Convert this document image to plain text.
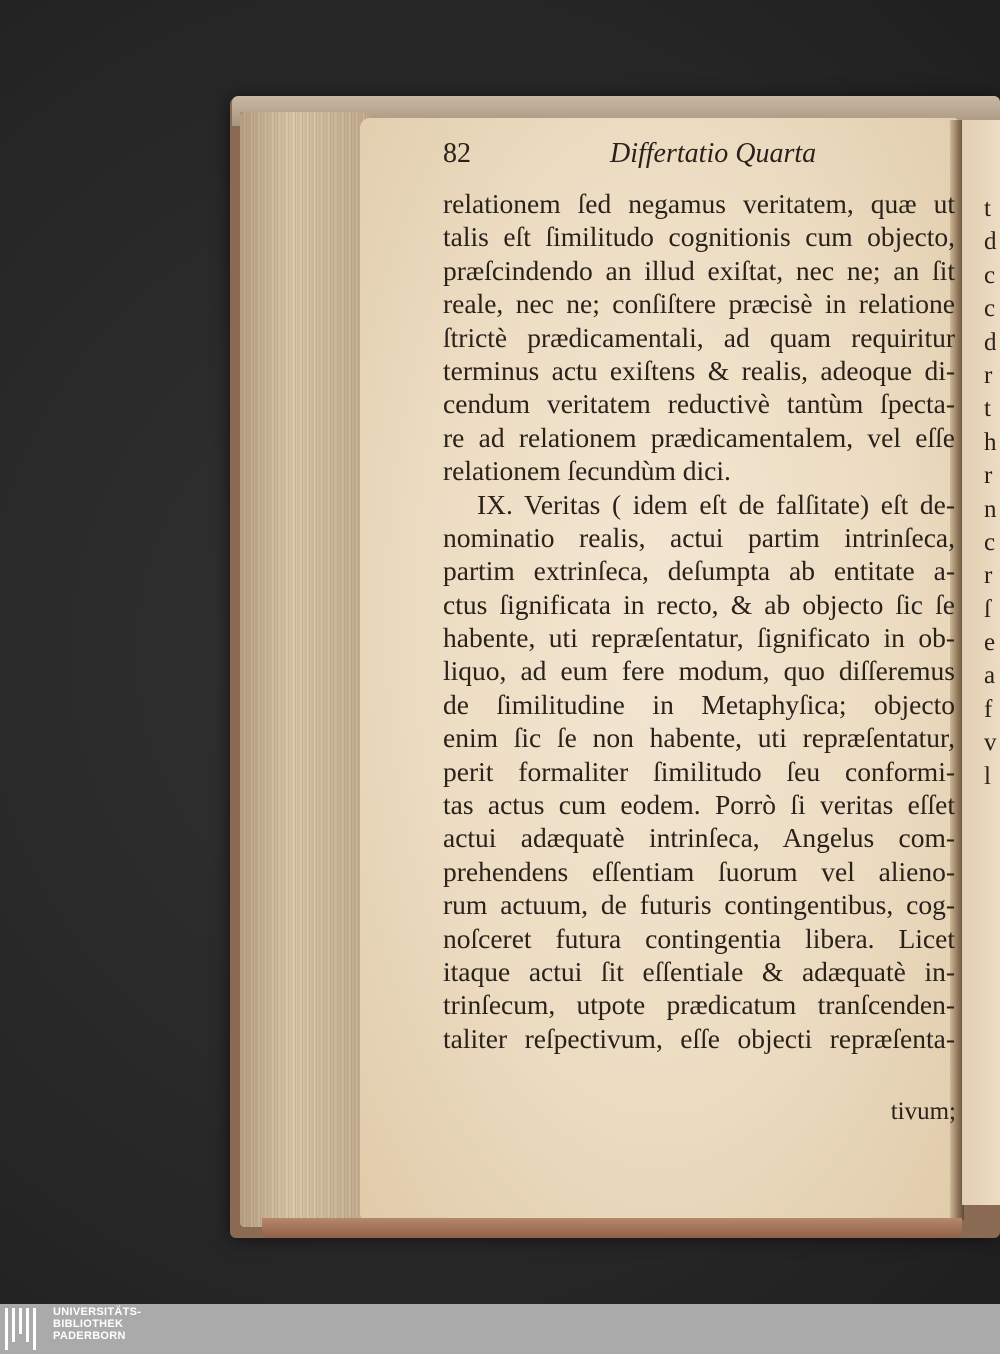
82	Differtatio Quarta
relationem ſed negamus veritatem, quæ ut
talis eſt ſimilitudo cognitionis cum objecto,
præſcindendo an illud exiſtat, nec ne; an ſit
reale, nec ne; conſiſtere præcisè in relatione
ſtrictè prædicamentali, ad quam requiritur
terminus actu exiſtens & realis, adeoque di-
cendum veritatem reductivè tantùm ſpecta-
re ad relationem prædicamentalem, vel eſſe
relationem ſecundùm dici.
IX. Veritas ( idem eſt de falſitate) eſt de-
nominatio realis, actui partim intrinſeca,
partim extrinſeca, deſumpta ab entitate a-
ctus ſignificata in recto, & ab objecto ſic ſe
habente, uti repræſentatur, ſignificato in ob-
liquo, ad eum fere modum, quo diſſeremus
de ſimilitudine in Metaphyſica; objecto
enim ſic ſe non habente, uti repræſentatur,
perit formaliter ſimilitudo ſeu conformi-
tas actus cum eodem. Porrò ſi veritas eſſet
actui adæquatè intrinſeca, Angelus com-
prehendens eſſentiam ſuorum vel alieno-
rum actuum, de futuris contingentibus, cog-
noſceret futura contingentia libera. Licet
itaque actui ſit eſſentiale & adæquatè in-
trinſecum, utpote prædicatum tranſcenden-
taliter reſpectivum, eſſe objecti repræſenta-
tivum;
t
d
c
c
d
r
t
h
r
n
c
r
ſ
e
a
f
v
l
UNIVERSITÄTS-
BIBLIOTHEK
PADERBORN
